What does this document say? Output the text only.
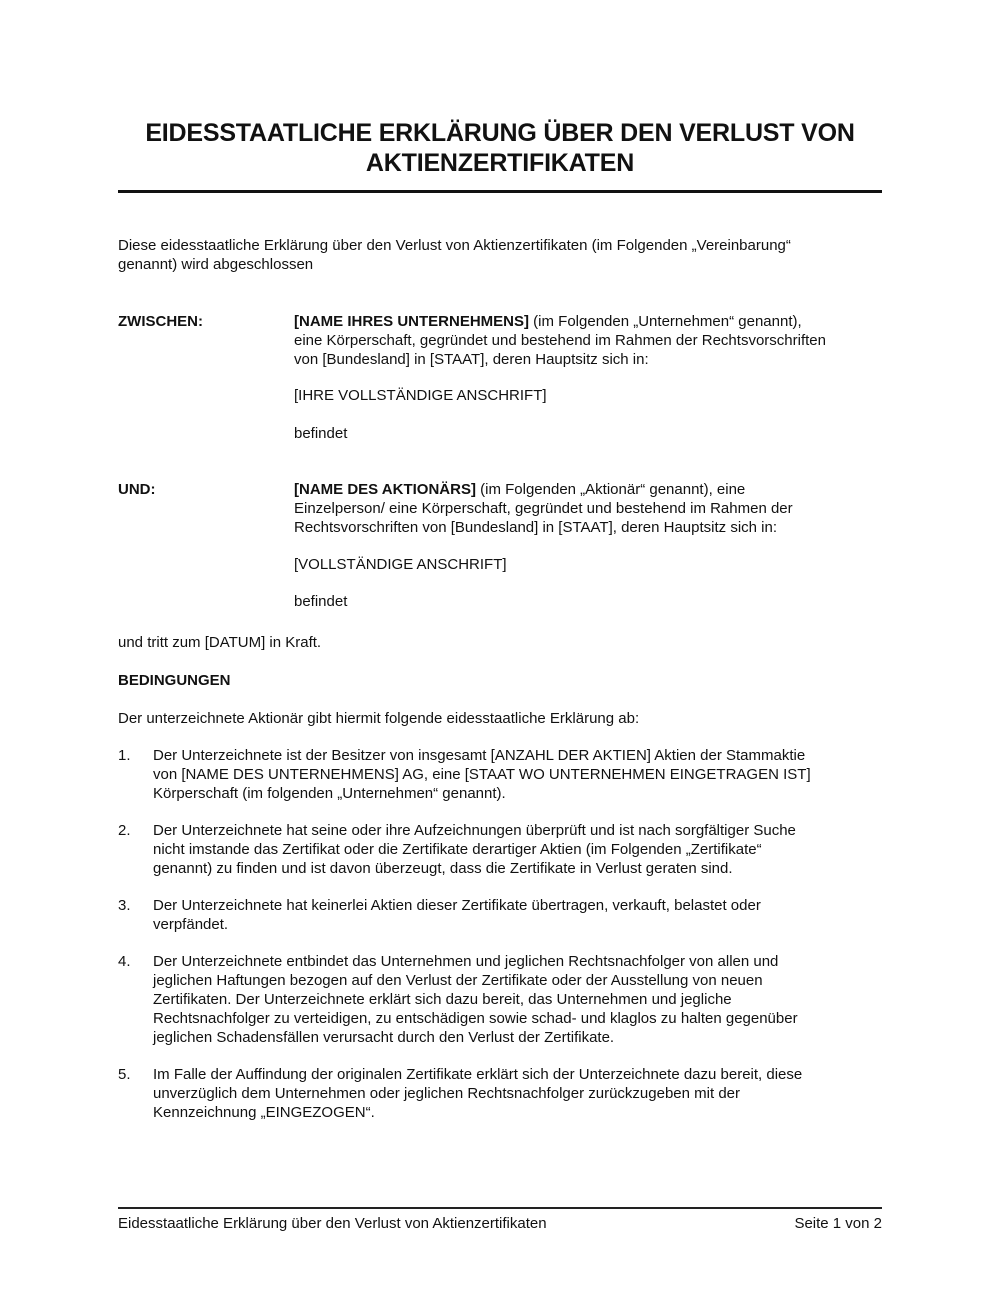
EIDESSTAATLICHE ERKLÄRUNG ÜBER DEN VERLUST VON
AKTIENZERTIFIKATEN
Diese eidesstaatliche Erklärung über den Verlust von Aktienzertifikaten (im Folgenden „Vereinbarung“
genannt) wird abgeschlossen
ZWISCHEN:	[NAME IHRES UNTERNEHMENS] (im Folgenden „Unternehmen“ genannt),
eine Körperschaft, gegründet und bestehend im Rahmen der Rechtsvorschriften
von [Bundesland] in [STAAT], deren Hauptsitz sich in:
[IHRE VOLLSTÄNDIGE ANSCHRIFT]
befindet
UND:	[NAME DES AKTIONÄRS] (im Folgenden „Aktionär“ genannt), eine
Einzelperson/ eine Körperschaft, gegründet und bestehend im Rahmen der
Rechtsvorschriften von [Bundesland] in [STAAT], deren Hauptsitz sich in:
[VOLLSTÄNDIGE ANSCHRIFT]
befindet
und tritt zum [DATUM] in Kraft.
BEDINGUNGEN
Der unterzeichnete Aktionär gibt hiermit folgende eidesstaatliche Erklärung ab:
1.	Der Unterzeichnete ist der Besitzer von insgesamt [ANZAHL DER AKTIEN] Aktien der Stammaktie
von [NAME DES UNTERNEHMENS] AG, eine [STAAT WO UNTERNEHMEN EINGETRAGEN IST]
Körperschaft (im folgenden „Unternehmen“ genannt).
2.	Der Unterzeichnete hat seine oder ihre Aufzeichnungen überprüft und ist nach sorgfältiger Suche
nicht imstande das Zertifikat oder die Zertifikate derartiger Aktien (im Folgenden „Zertifikate“
genannt) zu finden und ist davon überzeugt, dass die Zertifikate in Verlust geraten sind.
3.	Der Unterzeichnete hat keinerlei Aktien dieser Zertifikate übertragen, verkauft, belastet oder
verpfändet.
4.	Der Unterzeichnete entbindet das Unternehmen und jeglichen Rechtsnachfolger von allen und
jeglichen Haftungen bezogen auf den Verlust der Zertifikate oder der Ausstellung von neuen
Zertifikaten. Der Unterzeichnete erklärt sich dazu bereit, das Unternehmen und jegliche
Rechtsnachfolger zu verteidigen, zu entschädigen sowie schad- und klaglos zu halten gegenüber
jeglichen Schadensfällen verursacht durch den Verlust der Zertifikate.
5.	Im Falle der Auffindung der originalen Zertifikate erklärt sich der Unterzeichnete dazu bereit, diese
unverzüglich dem Unternehmen oder jeglichen Rechtsnachfolger zurückzugeben mit der
Kennzeichnung „EINGEZOGEN“.
Eidesstaatliche Erklärung über den Verlust von Aktienzertifikaten	Seite 1 von 2
